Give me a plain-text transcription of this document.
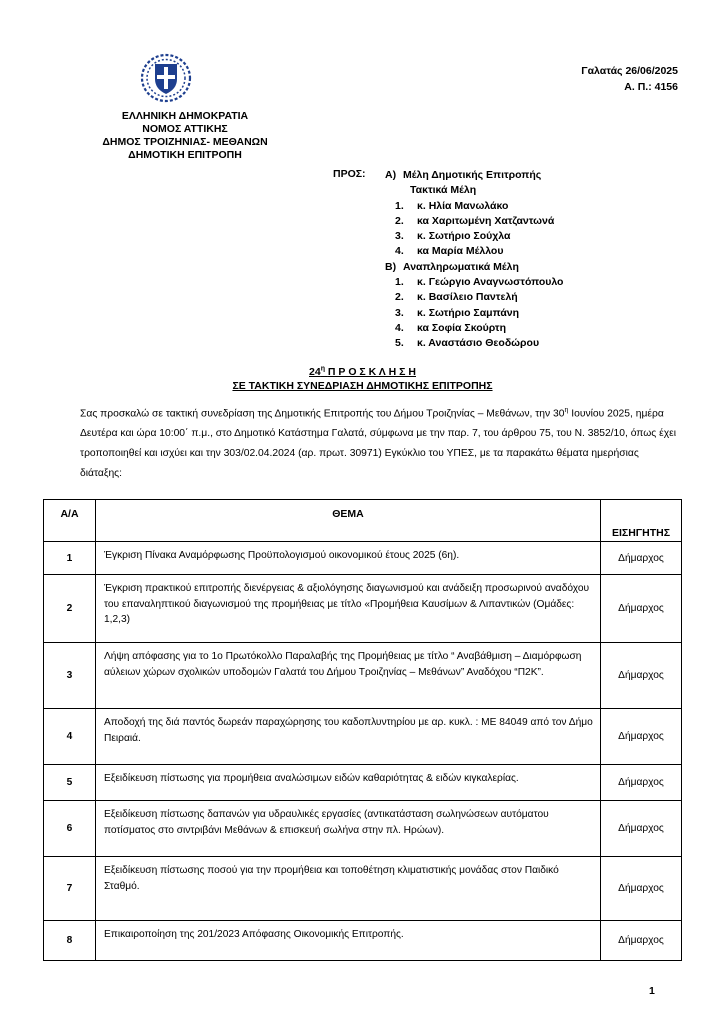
ΕΛΛΗΝΙΚΗ ΔΗΜΟΚΡΑΤΙΑ
ΝΟΜΟΣ ΑΤΤΙΚΗΣ
ΔΗΜΟΣ ΤΡΟΙΖΗΝΙΑΣ- ΜΕΘΑΝΩΝ
ΔΗΜΟΤΙΚΗ ΕΠΙΤΡΟΠΗ
Γαλατάς 26/06/2025
Α. Π.: 4156
ΠΡΟΣ: Α) Μέλη Δημοτικής Επιτροπής
Τακτικά Μέλη
1.	κ. Ηλία Μανωλάκο
2.	κα Χαριτωμένη Χατζαντωνά
3.	κ. Σωτήριο Σούχλα
4.	κα Μαρία Μέλλου
Β) Αναπληρωματικά Μέλη
1.	κ. Γεώργιο Αναγνωστόπουλο
2.	κ. Βασίλειο Παντελή
3.	κ. Σωτήριο Σαμπάνη
4.	κα Σοφία Σκούρτη
5.	κ. Αναστάσιο Θεοδώρου
$24^\eta$ Π Ρ Ο Σ Κ Λ Η Σ Η
ΣΕ ΤΑΚΤΙΚΗ ΣΥΝΕΔΡΙΑΣΗ ΔΗΜΟΤΙΚΗΣ ΕΠΙΤΡΟΠΗΣ
Σας προσκαλώ σε τακτική συνεδρίαση της Δημοτικής Επιτροπής του Δήμου Τροιζηνίας – Μεθάνων, την $30^\eta$ Ιουνίου 2025, ημέρα Δευτέρα και ώρα 10:00΄ π.μ., στο Δημοτικό Κατάστημα Γαλατά, σύμφωνα με την παρ. 7, του άρθρου 75, του Ν. 3852/10, όπως έχει τροποποιηθεί και ισχύει και την 303/02.04.2024 (αρ. πρωτ. 30971) Εγκύκλιο του ΥΠΕΣ, με τα παρακάτω θέματα ημερήσιας διάταξης:
Α/Α	ΘΕΜΑ	ΕΙΣΗΓΗΤΗΣ
1	Έγκριση Πίνακα Αναμόρφωσης Προϋπολογισμού οικονομικού έτους 2025 (6η).	Δήμαρχος
2	Έγκριση πρακτικού επιτροπής διενέργειας & αξιολόγησης διαγωνισμού και ανάδειξη προσωρινού αναδόχου του επαναληπτικού διαγωνισμού της προμήθειας με τίτλο «Προμήθεια Καυσίμων & Λιπαντικών (Ομάδες: 1,2,3)	Δήμαρχος
3	Λήψη απόφασης για το 1ο Πρωτόκολλο Παραλαβής της Προμήθειας με τίτλο “ Αναβάθμιση – Διαμόρφωση αύλειων χώρων σχολικών υποδομών Γαλατά του Δήμου Τροιζηνίας – Μεθάνων” Αναδόχου “Π2Κ”.	Δήμαρχος
4	Αποδοχή της διά παντός δωρεάν παραχώρησης του καδοπλυντηρίου με αρ. κυκλ. : ΜΕ 84049 από τον Δήμο Πειραιά.	Δήμαρχος
5	Εξειδίκευση πίστωσης για προμήθεια αναλώσιμων ειδών καθαριότητας & ειδών κιγκαλερίας.	Δήμαρχος
6	Εξειδίκευση πίστωσης δαπανών για υδραυλικές εργασίες (αντικατάσταση σωληνώσεων αυτόματου ποτίσματος στο σιντριβάνι Μεθάνων & επισκευή σωλήνα στην πλ. Ηρώων).	Δήμαρχος
7	Εξειδίκευση πίστωσης ποσού για την προμήθεια και τοποθέτηση κλιματιστικής μονάδας στον Παιδικό Σταθμό.	Δήμαρχος
8	Επικαιροποίηση της 201/2023 Απόφασης Οικονομικής Επιτροπής.	Δήμαρχος
1
